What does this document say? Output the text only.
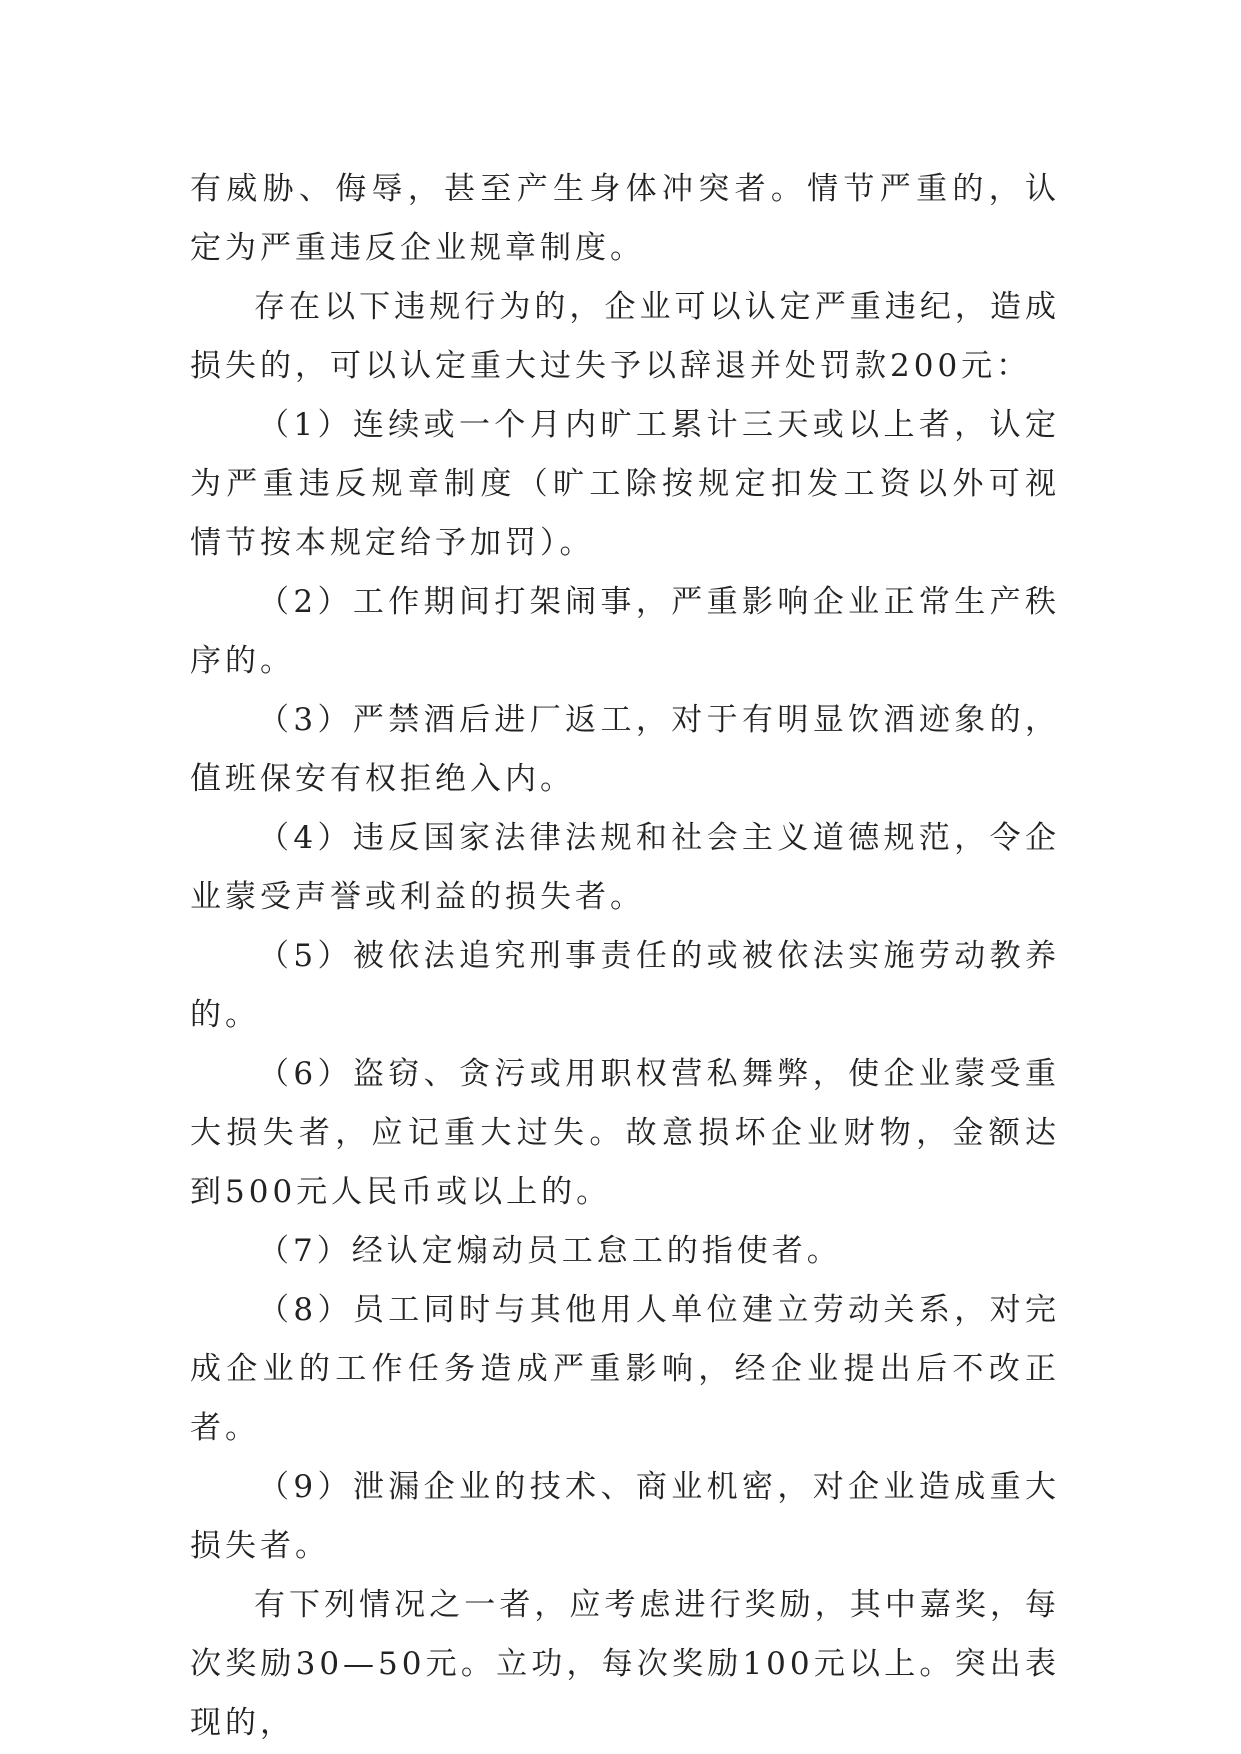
有威胁、侮辱，甚至产生身体冲突者。情节严重的，认定为严重违反企业规章制度。

存在以下违规行为的，企业可以认定严重违纪，造成损失的，可以认定重大过失予以辞退并处罚款200元：

（1）连续或一个月内旷工累计三天或以上者，认定为严重违反规章制度（旷工除按规定扣发工资以外可视情节按本规定给予加罚）。

（2）工作期间打架闹事，严重影响企业正常生产秩序的。

（3）严禁酒后进厂返工，对于有明显饮酒迹象的，值班保安有权拒绝入内。

（4）违反国家法律法规和社会主义道德规范，令企业蒙受声誉或利益的损失者。

（5）被依法追究刑事责任的或被依法实施劳动教养的。

（6）盗窃、贪污或用职权营私舞弊，使企业蒙受重大损失者，应记重大过失。故意损坏企业财物，金额达到500元人民币或以上的。

（7）经认定煽动员工怠工的指使者。

（8）员工同时与其他用人单位建立劳动关系，对完成企业的工作任务造成严重影响，经企业提出后不改正者。

（9）泄漏企业的技术、商业机密，对企业造成重大损失者。

有下列情况之一者，应考虑进行奖励，其中嘉奖，每次奖励30—50元。立功，每次奖励100元以上。突出表现的，
